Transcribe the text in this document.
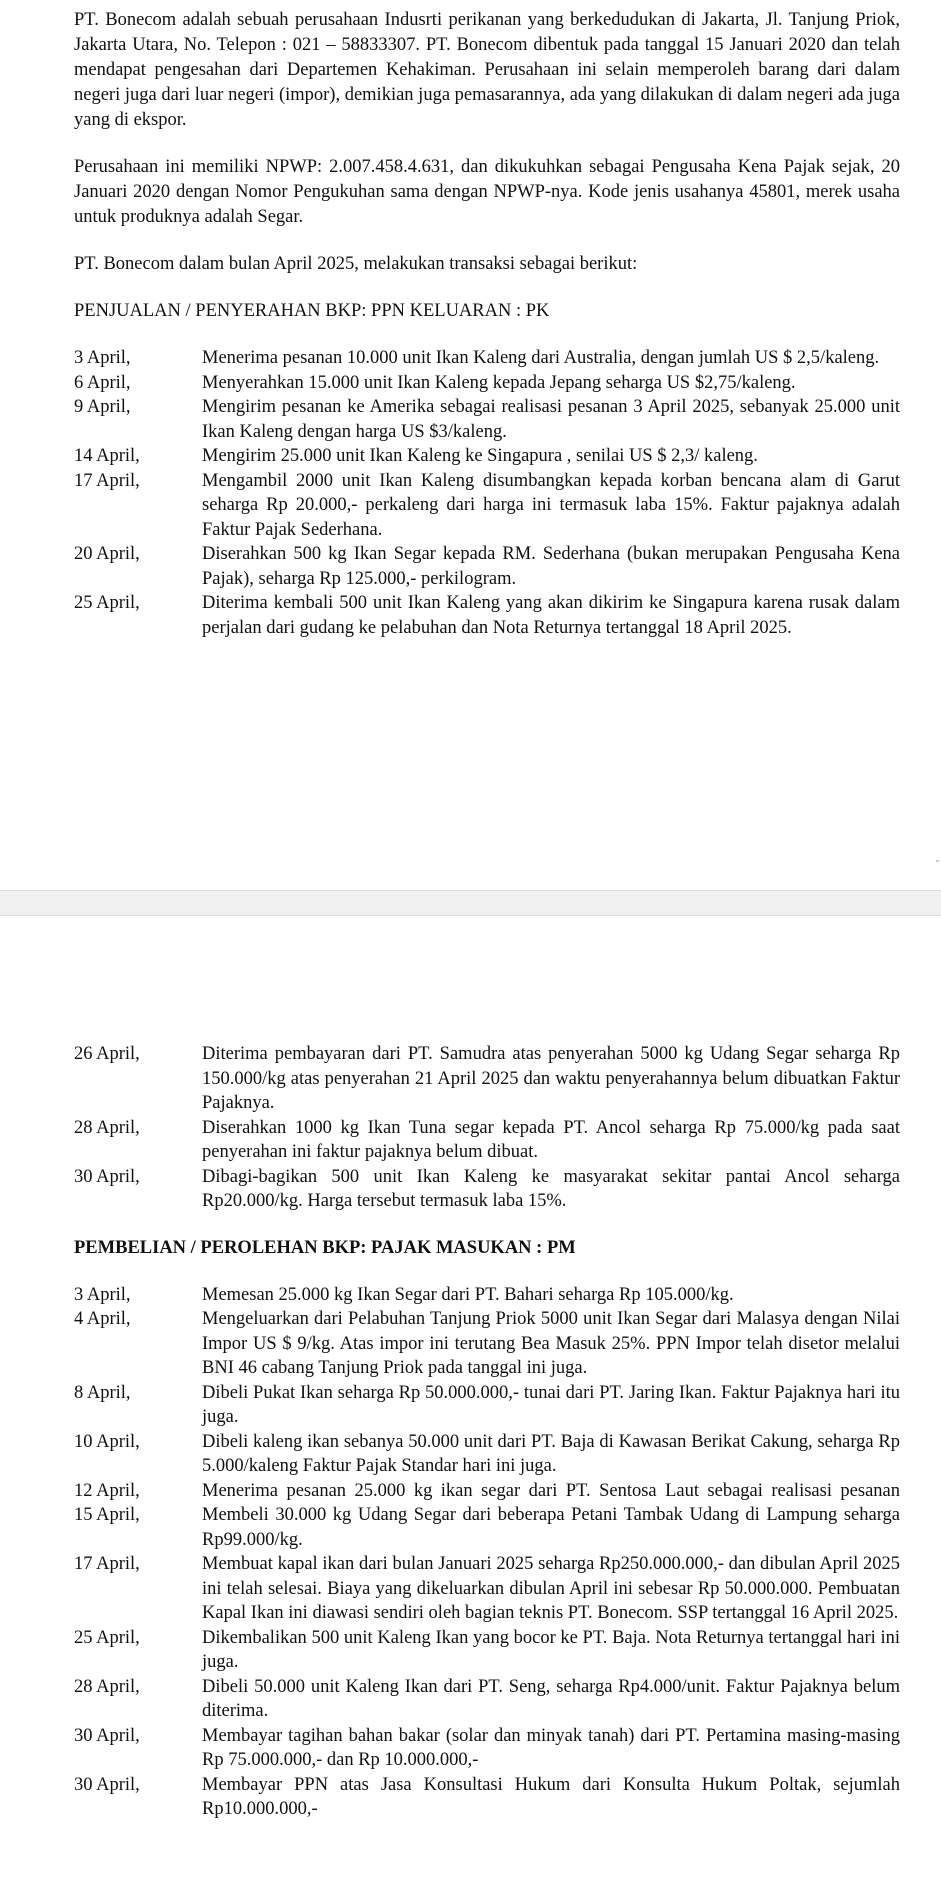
PT. Bonecom adalah sebuah perusahaan Indusrti perikanan yang berkedudukan di Jakarta, Jl. Tanjung Priok, Jakarta Utara, No. Telepon : 021 – 58833307. PT. Bonecom dibentuk pada tanggal 15 Januari 2020 dan telah mendapat pengesahan dari Departemen Kehakiman. Perusahaan ini selain memperoleh barang dari dalam negeri juga dari luar negeri (impor), demikian juga pemasarannya, ada yang dilakukan di dalam negeri ada juga yang di ekspor.

Perusahaan ini memiliki NPWP: 2.007.458.4.631, dan dikukuhkan sebagai Pengusaha Kena Pajak sejak, 20 Januari 2020 dengan Nomor Pengukuhan sama dengan NPWP-nya. Kode jenis usahanya 45801, merek usaha untuk produknya adalah Segar.

PT. Bonecom dalam bulan April 2025, melakukan transaksi sebagai berikut:

PENJUALAN / PENYERAHAN BKP: PPN KELUARAN : PK

3 April,	Menerima pesanan 10.000 unit Ikan Kaleng dari Australia, dengan jumlah US $ 2,5/kaleng.
6 April,	Menyerahkan 15.000 unit Ikan Kaleng kepada Jepang seharga US $2,75/kaleng.
9 April,	Mengirim pesanan ke Amerika sebagai realisasi pesanan 3 April 2025, sebanyak 25.000 unit Ikan Kaleng dengan harga US $3/kaleng.
14 April,	Mengirim 25.000 unit Ikan Kaleng ke Singapura , senilai US $ 2,3/ kaleng.
17 April,	Mengambil 2000 unit Ikan Kaleng disumbangkan kepada korban bencana alam di Garut seharga Rp 20.000,- perkaleng dari harga ini termasuk laba 15%. Faktur pajaknya adalah Faktur Pajak Sederhana.
20 April,	Diserahkan 500 kg Ikan Segar kepada RM. Sederhana (bukan merupakan Pengusaha Kena Pajak), seharga Rp 125.000,- perkilogram.
25 April,	Diterima kembali 500 unit Ikan Kaleng yang akan dikirim ke Singapura karena rusak dalam perjalan dari gudang ke pelabuhan dan Nota Returnya tertanggal 18 April 2025.
26 April,	Diterima pembayaran dari PT. Samudra atas penyerahan 5000 kg Udang Segar seharga Rp 150.000/kg atas penyerahan 21 April 2025 dan waktu penyerahannya belum dibuatkan Faktur Pajaknya.
28 April,	Diserahkan 1000 kg Ikan Tuna segar kepada PT. Ancol seharga Rp 75.000/kg pada saat penyerahan ini faktur pajaknya belum dibuat.
30 April,	Dibagi-bagikan 500 unit Ikan Kaleng ke masyarakat sekitar pantai Ancol seharga Rp20.000/kg. Harga tersebut termasuk laba 15%.

PEMBELIAN / PEROLEHAN BKP: PAJAK MASUKAN : PM

3 April,	Memesan 25.000 kg Ikan Segar dari PT. Bahari seharga Rp 105.000/kg.
4 April,	Mengeluarkan dari Pelabuhan Tanjung Priok 5000 unit Ikan Segar dari Malasya dengan Nilai Impor US $ 9/kg. Atas impor ini terutang Bea Masuk 25%. PPN Impor telah disetor melalui BNI 46 cabang Tanjung Priok pada tanggal ini juga.
8 April,	Dibeli Pukat Ikan seharga Rp 50.000.000,- tunai dari PT. Jaring Ikan. Faktur Pajaknya hari itu juga.
10 April,	Dibeli kaleng ikan sebanya 50.000 unit dari PT. Baja di Kawasan Berikat Cakung, seharga Rp 5.000/kaleng Faktur Pajak Standar hari ini juga.
12 April,	Menerima pesanan 25.000 kg ikan segar dari PT. Sentosa Laut sebagai realisasi pesanan
15 April,	Membeli 30.000 kg Udang Segar dari beberapa Petani Tambak Udang di Lampung seharga Rp99.000/kg.
17 April,	Membuat kapal ikan dari bulan Januari 2025 seharga Rp250.000.000,- dan dibulan April 2025 ini telah selesai. Biaya yang dikeluarkan dibulan April ini sebesar Rp 50.000.000. Pembuatan Kapal Ikan ini diawasi sendiri oleh bagian teknis PT. Bonecom. SSP tertanggal 16 April 2025.
25 April,	Dikembalikan 500 unit Kaleng Ikan yang bocor ke PT. Baja. Nota Returnya tertanggal hari ini juga.
28 April,	Dibeli 50.000 unit Kaleng Ikan dari PT. Seng, seharga Rp4.000/unit. Faktur Pajaknya belum diterima.
30 April,	Membayar tagihan bahan bakar (solar dan minyak tanah) dari PT. Pertamina masing-masing Rp 75.000.000,- dan Rp 10.000.000,-
30 April,	Membayar PPN atas Jasa Konsultasi Hukum dari Konsulta Hukum Poltak, sejumlah Rp10.000.000,-
